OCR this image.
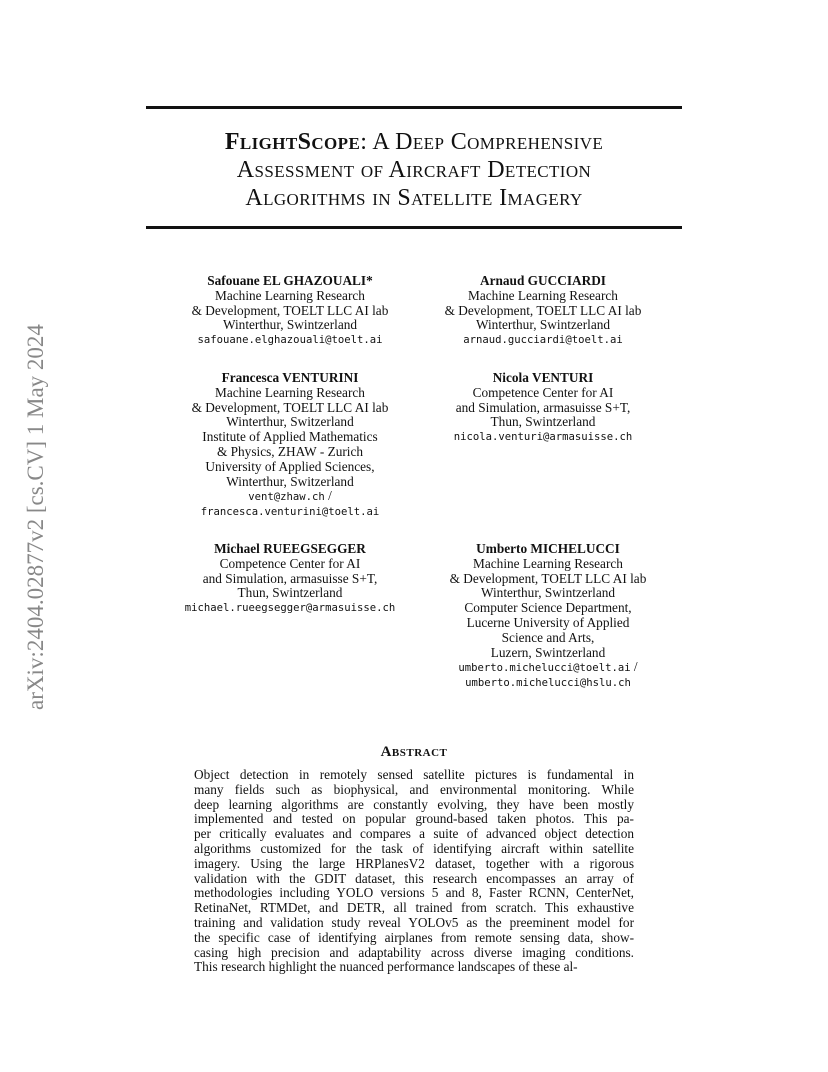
arXiv:2404.02877v2 [cs.CV] 1 May 2024
FlightScope: A Deep Comprehensive
Assessment of Aircraft Detection
Algorithms in Satellite Imagery
Safouane EL GHAZOUALI*
Machine Learning Research
& Development, TOELT LLC AI lab
Winterthur, Swintzerland
safouane.elghazouali@toelt.ai
Arnaud GUCCIARDI
Machine Learning Research
& Development, TOELT LLC AI lab
Winterthur, Swintzerland
arnaud.gucciardi@toelt.ai
Francesca VENTURINI
Machine Learning Research
& Development, TOELT LLC AI lab
Winterthur, Switzerland
Institute of Applied Mathematics
& Physics, ZHAW - Zurich
University of Applied Sciences,
Winterthur, Switzerland
vent@zhaw.ch /
francesca.venturini@toelt.ai
Nicola VENTURI
Competence Center for AI
and Simulation, armasuisse S+T,
Thun, Swintzerland
nicola.venturi@armasuisse.ch
Michael RUEEGSEGGER
Competence Center for AI
and Simulation, armasuisse S+T,
Thun, Swintzerland
michael.rueegsegger@armasuisse.ch
Umberto MICHELUCCI
Machine Learning Research
& Development, TOELT LLC AI lab
Winterthur, Swintzerland
Computer Science Department,
Lucerne University of Applied
Science and Arts,
Luzern, Swintzerland
umberto.michelucci@toelt.ai /
umberto.michelucci@hslu.ch
Abstract
Object detection in remotely sensed satellite pictures is fundamental in
many fields such as biophysical, and environmental monitoring. While
deep learning algorithms are constantly evolving, they have been mostly
implemented and tested on popular ground-based taken photos. This pa-
per critically evaluates and compares a suite of advanced object detection
algorithms customized for the task of identifying aircraft within satellite
imagery. Using the large HRPlanesV2 dataset, together with a rigorous
validation with the GDIT dataset, this research encompasses an array of
methodologies including YOLO versions 5 and 8, Faster RCNN, CenterNet,
RetinaNet, RTMDet, and DETR, all trained from scratch. This exhaustive
training and validation study reveal YOLOv5 as the preeminent model for
the specific case of identifying airplanes from remote sensing data, show-
casing high precision and adaptability across diverse imaging conditions.
This research highlight the nuanced performance landscapes of these al-
